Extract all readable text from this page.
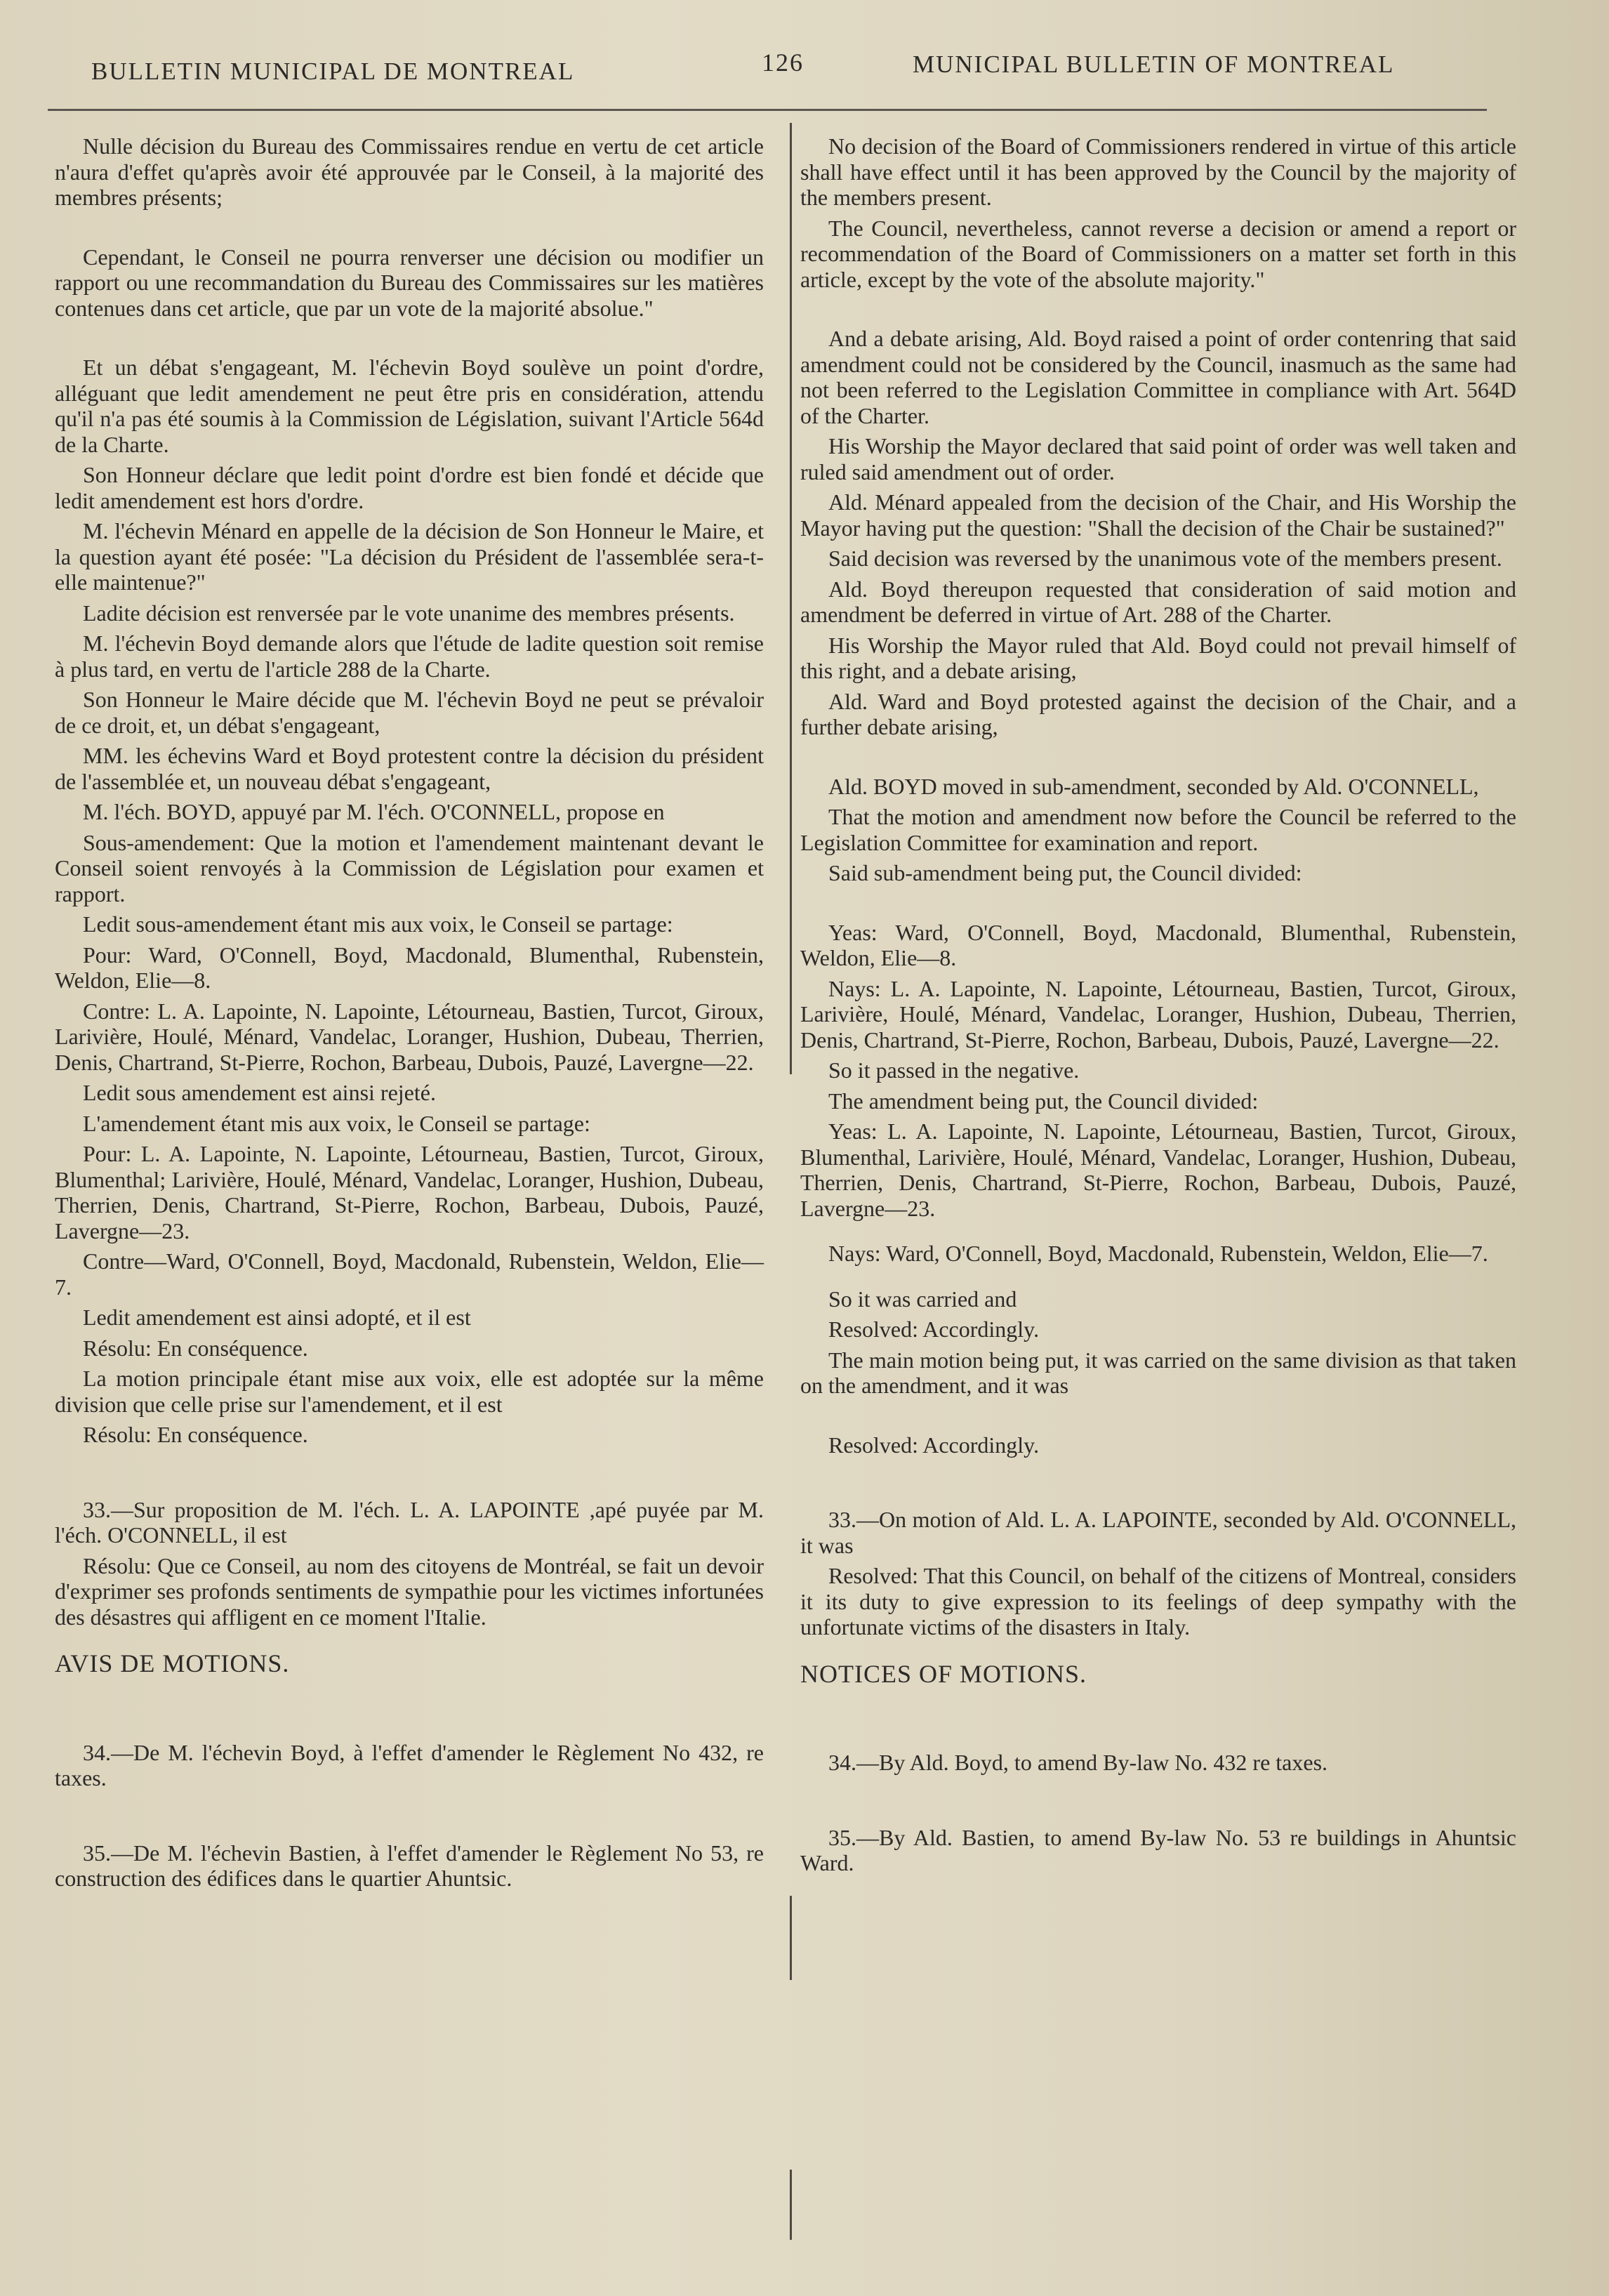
BULLETIN MUNICIPAL DE MONTREAL	126	MUNICIPAL BULLETIN OF MONTREAL

Nulle décision du Bureau des Commissaires rendue en vertu de cet article n'aura d'effet qu'après avoir été approuvée par le Conseil, à la majorité des membres présents;

Cependant, le Conseil ne pourra renverser une décision ou modifier un rapport ou une recommandation du Bureau des Commissaires sur les matières contenues dans cet article, que par un vote de la majorité absolue."

Et un débat s'engageant, M. l'échevin Boyd soulève un point d'ordre, alléguant que ledit amendement ne peut être pris en considération, attendu qu'il n'a pas été soumis à la Commission de Législation, suivant l'Article 564d de la Charte.

Son Honneur déclare que ledit point d'ordre est bien fondé et décide que ledit amendement est hors d'ordre.

M. l'échevin Ménard en appelle de la décision de Son Honneur le Maire, et la question ayant été posée: "La décision du Président de l'assemblée sera-t-elle maintenue?"

Ladite décision est renversée par le vote unanime des membres présents.

M. l'échevin Boyd demande alors que l'étude de ladite question soit remise à plus tard, en vertu de l'article 288 de la Charte.

Son Honneur le Maire décide que M. l'échevin Boyd ne peut se prévaloir de ce droit, et, un débat s'engageant,

MM. les échevins Ward et Boyd protestent contre la décision du président de l'assemblée et, un nouveau débat s'engageant,

M. l'éch. BOYD, appuyé par M. l'éch. O'CONNELL, propose en

Sous-amendement: Que la motion et l'amendement maintenant devant le Conseil soient renvoyés à la Commission de Législation pour examen et rapport.

Ledit sous-amendement étant mis aux voix, le Conseil se partage:

Pour: Ward, O'Connell, Boyd, Macdonald, Blumenthal, Rubenstein, Weldon, Elie—8.

Contre: L. A. Lapointe, N. Lapointe, Létourneau, Bastien, Turcot, Giroux, Larivière, Houlé, Ménard, Vandelac, Loranger, Hushion, Dubeau, Therrien, Denis, Chartrand, St-Pierre, Rochon, Barbeau, Dubois, Pauzé, Lavergne—22.

Ledit sous amendement est ainsi rejeté.

L'amendement étant mis aux voix, le Conseil se partage:

Pour: L. A. Lapointe, N. Lapointe, Létourneau, Bastien, Turcot, Giroux, Blumenthal; Larivière, Houlé, Ménard, Vandelac, Loranger, Hushion, Dubeau, Therrien, Denis, Chartrand, St-Pierre, Rochon, Barbeau, Dubois, Pauzé, Lavergne—23.

Contre—Ward, O'Connell, Boyd, Macdonald, Rubenstein, Weldon, Elie—7.

Ledit amendement est ainsi adopté, et il est

Résolu: En conséquence.

La motion principale étant mise aux voix, elle est adoptée sur la même division que celle prise sur l'amendement, et il est

Résolu: En conséquence.

33.—Sur proposition de M. l'éch. L. A. LAPOINTE ,apé puyée par M. l'éch. O'CONNELL, il est

Résolu: Que ce Conseil, au nom des citoyens de Montréal, se fait un devoir d'exprimer ses profonds sentiments de sympathie pour les victimes infortunées des désastres qui affligent en ce moment l'Italie.

AVIS DE MOTIONS.

34.—De M. l'échevin Boyd, à l'effet d'amender le Règlement No 432, re taxes.

35.—De M. l'échevin Bastien, à l'effet d'amender le Règlement No 53, re construction des édifices dans le quartier Ahuntsic.

No decision of the Board of Commissioners rendered in virtue of this article shall have effect until it has been approved by the Council by the majority of the members present.

The Council, nevertheless, cannot reverse a decision or amend a report or recommendation of the Board of Commissioners on a matter set forth in this article, except by the vote of the absolute majority."

And a debate arising, Ald. Boyd raised a point of order contenring that said amendment could not be considered by the Council, inasmuch as the same had not been referred to the Legislation Committee in compliance with Art. 564D of the Charter.

His Worship the Mayor declared that said point of order was well taken and ruled said amendment out of order.

Ald. Ménard appealed from the decision of the Chair, and His Worship the Mayor having put the question: "Shall the decision of the Chair be sustained?"

Said decision was reversed by the unanimous vote of the members present.

Ald. Boyd thereupon requested that consideration of said motion and amendment be deferred in virtue of Art. 288 of the Charter.

His Worship the Mayor ruled that Ald. Boyd could not prevail himself of this right, and a debate arising,

Ald. Ward and Boyd protested against the decision of the Chair, and a further debate arising,

Ald. BOYD moved in sub-amendment, seconded by Ald. O'CONNELL,

That the motion and amendment now before the Council be referred to the Legislation Committee for examination and report.

Said sub-amendment being put, the Council divided:

Yeas: Ward, O'Connell, Boyd, Macdonald, Blumenthal, Rubenstein, Weldon, Elie—8.

Nays: L. A. Lapointe, N. Lapointe, Létourneau, Bastien, Turcot, Giroux, Larivière, Houlé, Ménard, Vandelac, Loranger, Hushion, Dubeau, Therrien, Denis, Chartrand, St-Pierre, Rochon, Barbeau, Dubois, Pauzé, Lavergne—22.

So it passed in the negative.

The amendment being put, the Council divided:

Yeas: L. A. Lapointe, N. Lapointe, Létourneau, Bastien, Turcot, Giroux, Blumenthal, Larivière, Houlé, Ménard, Vandelac, Loranger, Hushion, Dubeau, Therrien, Denis, Chartrand, St-Pierre, Rochon, Barbeau, Dubois, Pauzé, Lavergne—23.

Nays: Ward, O'Connell, Boyd, Macdonald, Rubenstein, Weldon, Elie—7.

So it was carried and

Resolved: Accordingly.

The main motion being put, it was carried on the same division as that taken on the amendment, and it was

Resolved: Accordingly.

33.—On motion of Ald. L. A. LAPOINTE, seconded by Ald. O'CONNELL, it was

Resolved: That this Council, on behalf of the citizens of Montreal, considers it its duty to give expression to its feelings of deep sympathy with the unfortunate victims of the disasters in Italy.

NOTICES OF MOTIONS.

34.—By Ald. Boyd, to amend By-law No. 432 re taxes.

35.—By Ald. Bastien, to amend By-law No. 53 re buildings in Ahuntsic Ward.
